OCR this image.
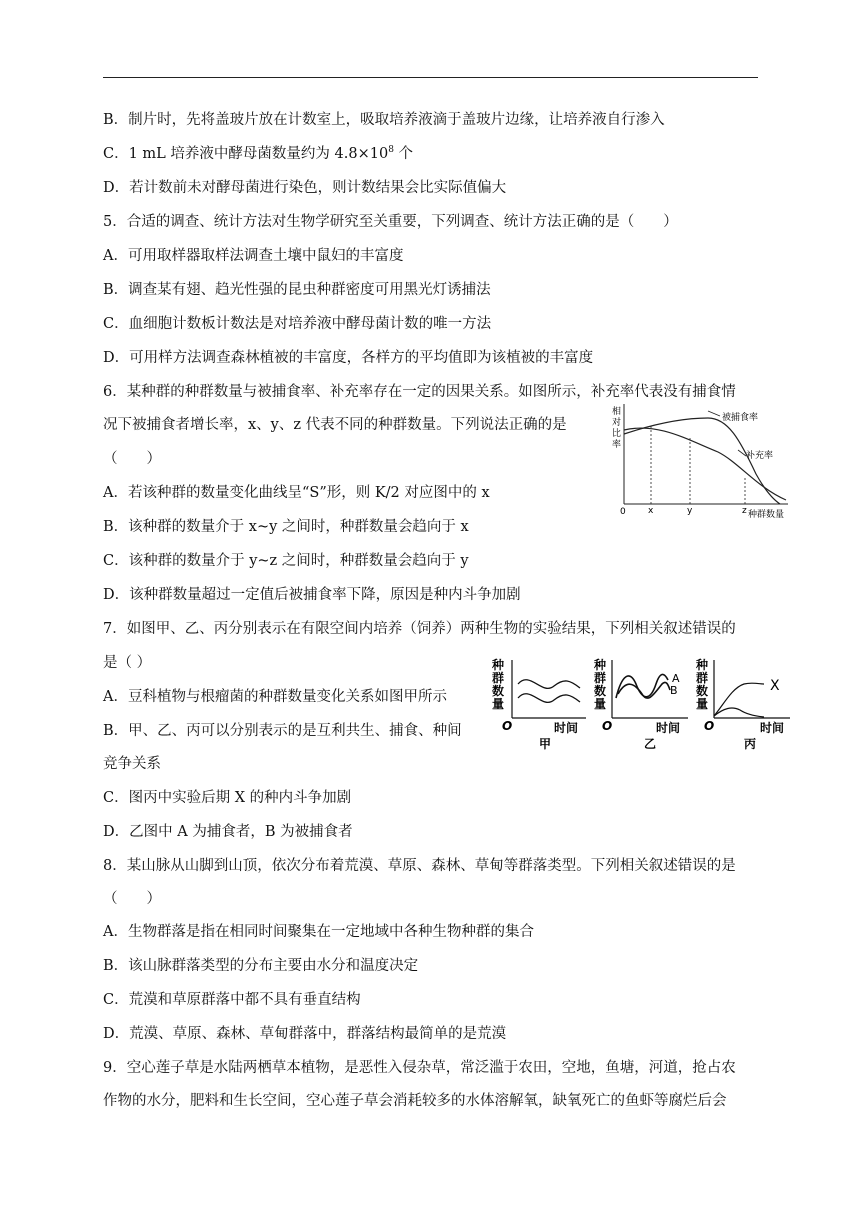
B．制片时，先将盖玻片放在计数室上，吸取培养液滴于盖玻片边缘，让培养液自行渗入
C．1 mL 培养液中酵母菌数量约为 $4.8\times 10^8$ 个
D．若计数前未对酵母菌进行染色，则计数结果会比实际值偏大
5．合适的调查、统计方法对生物学研究至关重要，下列调查、统计方法正确的是（　　）
A．可用取样器取样法调查土壤中鼠妇的丰富度
B．调查某有翅、趋光性强的昆虫种群密度可用黑光灯诱捕法
C．血细胞计数板计数法是对培养液中酵母菌计数的唯一方法
D．可用样方法调查森林植被的丰富度，各样方的平均值即为该植被的丰富度
6．某种群的种群数量与被捕食率、补充率存在一定的因果关系。如图所示，补充率代表没有捕食情
况下被捕食者增长率，x、y、z 代表不同的种群数量。下列说法正确的是
（　　）
A．若该种群的数量变化曲线呈“S”形，则 K/2 对应图中的 x
B．该种群的数量介于 x~y 之间时，种群数量会趋向于 x
C．该种群的数量介于 y~z 之间时，种群数量会趋向于 y
D．该种群数量超过一定值后被捕食率下降，原因是种内斗争加剧
7．如图甲、乙、丙分别表示在有限空间内培养（饲养）两种生物的实验结果，下列相关叙述错误的
是（ ）
A．豆科植物与根瘤菌的种群数量变化关系如图甲所示
B．甲、乙、丙可以分别表示的是互利共生、捕食、种间
竞争关系
C．图丙中实验后期 X 的种内斗争加剧
D．乙图中 A 为捕食者，B 为被捕食者
8．某山脉从山脚到山顶，依次分布着荒漠、草原、森林、草甸等群落类型。下列相关叙述错误的是
（　　）
A．生物群落是指在相同时间聚集在一定地域中各种生物种群的集合
B．该山脉群落类型的分布主要由水分和温度决定
C．荒漠和草原群落中都不具有垂直结构
D．荒漠、草原、森林、草甸群落中，群落结构最简单的是荒漠
9．空心莲子草是水陆两栖草本植物，是恶性入侵杂草，常泛滥于农田，空地，鱼塘，河道，抢占农
作物的水分，肥料和生长空间，空心莲子草会消耗较多的水体溶解氧，缺氧死亡的鱼虾等腐烂后会
相
对
比
率
被捕食率
补充率
0 x	y	z 种群数量
种
群
数
量
O	时间
甲
种
群
数
量
A
B
O	时间
乙
种
群
数
量
X
O	时间
丙
